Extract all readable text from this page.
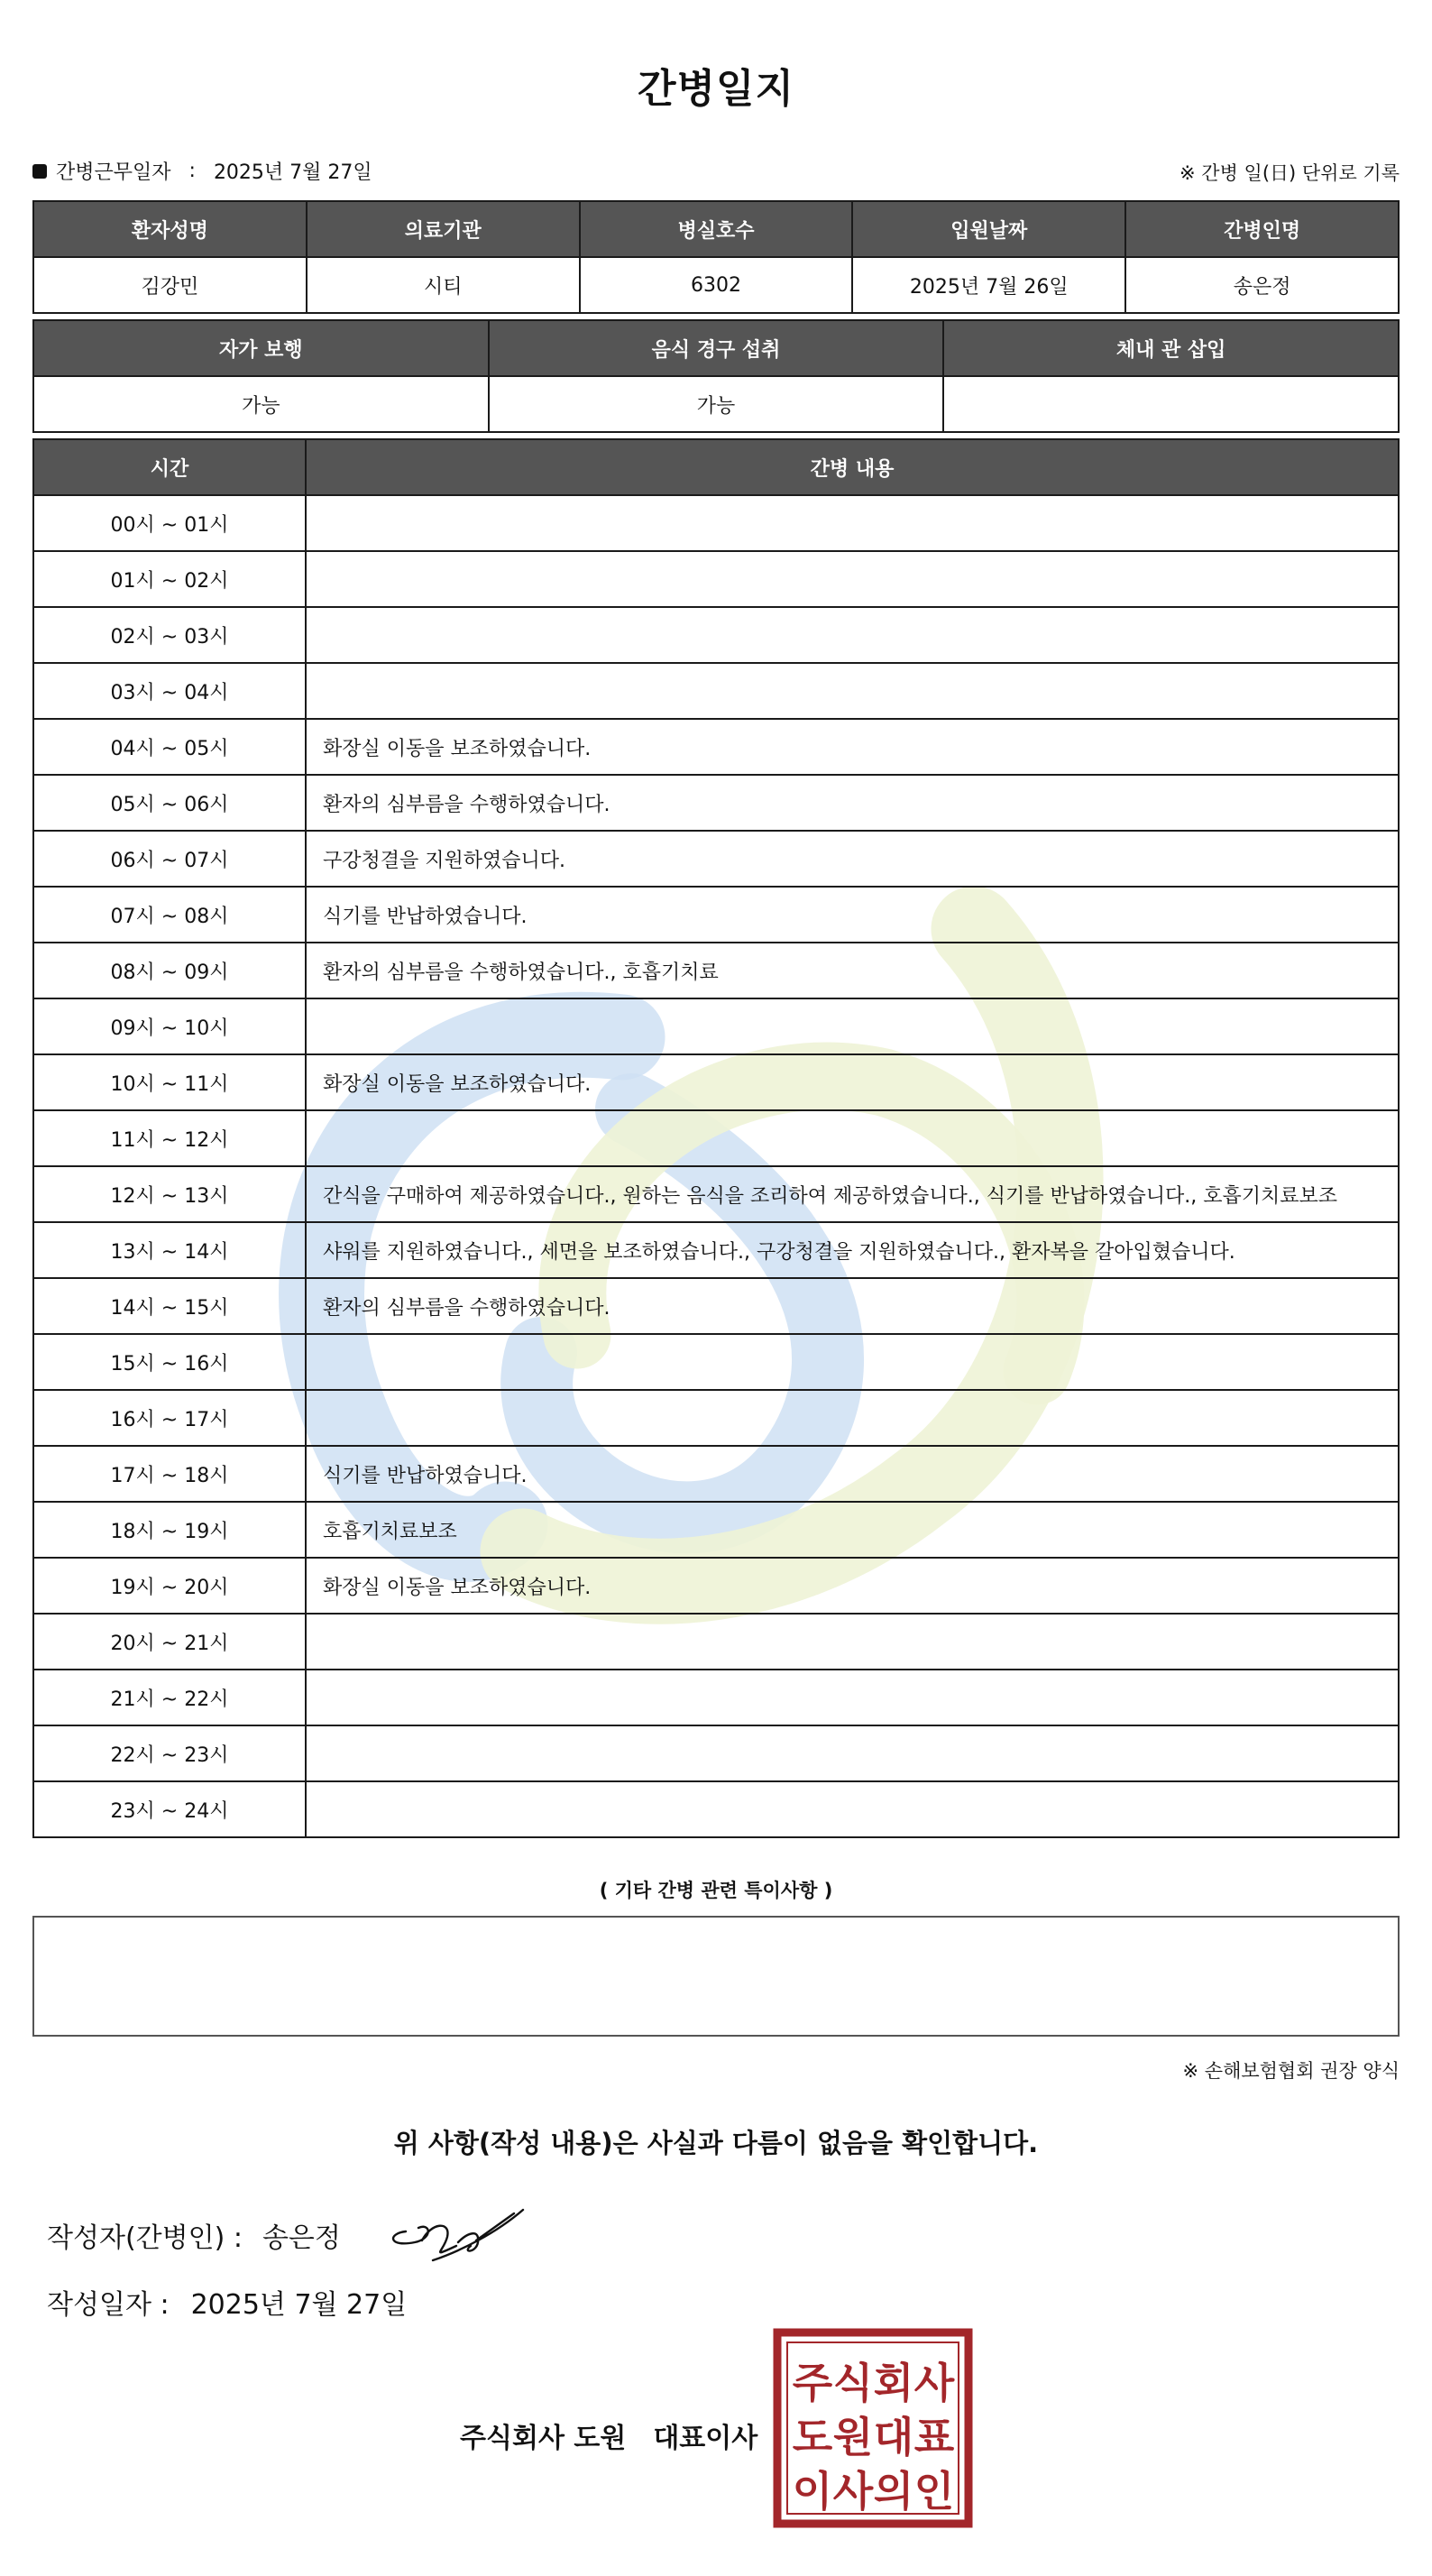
간병일지
간병근무일자 : 2025년 7월 27일	※ 간병 일(日) 단위로 기록
환자성명	의료기관	병실호수	입원날짜	간병인명
김강민	시티	6302	2025년 7월 26일	송은정
자가 보행	음식 경구 섭취	체내 관 삽입
가능	가능	
시간	간병 내용
00시 ~ 01시	
01시 ~ 02시	
02시 ~ 03시	
03시 ~ 04시	
04시 ~ 05시	화장실 이동을 보조하였습니다.
05시 ~ 06시	환자의 심부름을 수행하였습니다.
06시 ~ 07시	구강청결을 지원하였습니다.
07시 ~ 08시	식기를 반납하였습니다.
08시 ~ 09시	환자의 심부름을 수행하였습니다., 호흡기치료
09시 ~ 10시	
10시 ~ 11시	화장실 이동을 보조하였습니다.
11시 ~ 12시	
12시 ~ 13시	간식을 구매하여 제공하였습니다., 원하는 음식을 조리하여 제공하였습니다., 식기를 반납하였습니다., 호흡기치료보조
13시 ~ 14시	샤워를 지원하였습니다., 세면을 보조하였습니다., 구강청결을 지원하였습니다., 환자복을 갈아입혔습니다.
14시 ~ 15시	환자의 심부름을 수행하였습니다.
15시 ~ 16시	
16시 ~ 17시	
17시 ~ 18시	식기를 반납하였습니다.
18시 ~ 19시	호흡기치료보조
19시 ~ 20시	화장실 이동을 보조하였습니다.
20시 ~ 21시	
21시 ~ 22시	
22시 ~ 23시	
23시 ~ 24시	
( 기타 간병 관련 특이사항 )
※ 손해보험협회 권장 양식
위 사항(작성 내용)은 사실과 다름이 없음을 확인합니다.
작성자(간병인) : 송은정
작성일자 : 2025년 7월 27일
주식회사 도원 대표이사
주 식 회 사
도 원 대 표
이 사 의 인
